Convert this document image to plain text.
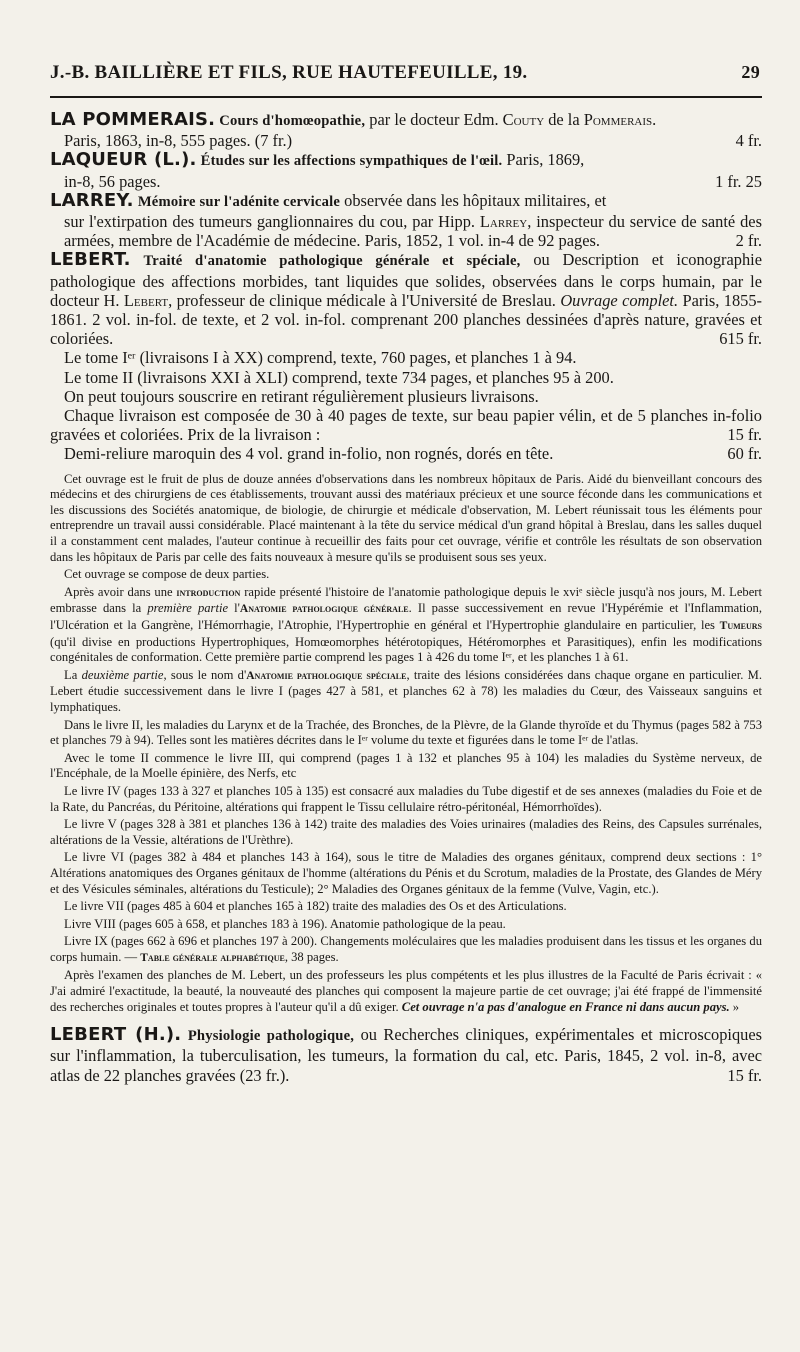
J.-B. BAILLIÈRE ET FILS, RUE HAUTEFEUILLE, 19.	29

LA POMMERAIS. Cours d'homœopathie, par le docteur Edm. Couty de la Pommerais.

Paris, 1863, in-8, 555 pages. (7 fr.)	4 fr.

LAQUEUR (L.). Études sur les affections sympathiques de l'œil. Paris, 1869,

in-8, 56 pages.	1 fr. 25

LARREY. Mémoire sur l'adénite cervicale observée dans les hôpitaux militaires, et

sur l'extirpation des tumeurs ganglionnaires du cou, par Hipp. Larrey, inspecteur du service de santé des armées, membre de l'Académie de médecine. Paris, 1852, 1 vol. in-4 de 92 pages.	2 fr.

LEBERT. Traité d'anatomie pathologique générale et spéciale, ou Description et iconographie pathologique des affections morbides, tant liquides que solides, observées dans le corps humain, par le docteur H. Lebert, professeur de clinique médicale à l'Université de Breslau. Ouvrage complet. Paris, 1855-1861. 2 vol. in-fol. de texte, et 2 vol. in-fol. comprenant 200 planches dessinées d'après nature, gravées et coloriées.	615 fr.

Le tome Iᵉʳ (livraisons I à XX) comprend, texte, 760 pages, et planches 1 à 94.

Le tome II (livraisons XXI à XLI) comprend, texte 734 pages, et planches 95 à 200.

On peut toujours souscrire en retirant régulièrement plusieurs livraisons.

Chaque livraison est composée de 30 à 40 pages de texte, sur beau papier vélin, et de 5 planches in-folio gravées et coloriées. Prix de la livraison :	15 fr.

Demi-reliure maroquin des 4 vol. grand in-folio, non rognés, dorés en tête.	60 fr.

Cet ouvrage est le fruit de plus de douze années d'observations dans les nombreux hôpitaux de Paris. Aidé du bienveillant concours des médecins et des chirurgiens de ces établissements, trouvant aussi des matériaux précieux et une source féconde dans les communications et les discussions des Sociétés anatomique, de biologie, de chirurgie et médicale d'observation, M. Lebert réunissait tous les éléments pour entreprendre un travail aussi considérable. Placé maintenant à la tête du service médical d'un grand hôpital à Breslau, dans les salles duquel il a constamment cent malades, l'auteur continue à recueillir des faits pour cet ouvrage, vérifie et contrôle les résultats de son observation dans les hôpitaux de Paris par celle des faits nouveaux à mesure qu'ils se produisent sous ses yeux.

Cet ouvrage se compose de deux parties.

Après avoir dans une introduction rapide présenté l'histoire de l'anatomie pathologique depuis le xviᵉ siècle jusqu'à nos jours, M. Lebert embrasse dans la première partie l'Anatomie pathologique générale. Il passe successivement en revue l'Hypérémie et l'Inflammation, l'Ulcération et la Gangrène, l'Hémorrhagie, l'Atrophie, l'Hypertrophie en général et l'Hypertrophie glandulaire en particulier, les Tumeurs (qu'il divise en productions Hypertrophiques, Homœomorphes hétérotopiques, Hétéromorphes et Parasitiques), enfin les modifications congénitales de conformation. Cette première partie comprend les pages 1 à 426 du tome Iᵉʳ, et les planches 1 à 61.

La deuxième partie, sous le nom d'Anatomie pathologique spéciale, traite des lésions considérées dans chaque organe en particulier. M. Lebert étudie successivement dans le livre I (pages 427 à 581, et planches 62 à 78) les maladies du Cœur, des Vaisseaux sanguins et lymphatiques.

Dans le livre II, les maladies du Larynx et de la Trachée, des Bronches, de la Plèvre, de la Glande thyroïde et du Thymus (pages 582 à 753 et planches 79 à 94). Telles sont les matières décrites dans le Iᵉʳ volume du texte et figurées dans le tome Iᵉʳ de l'atlas.

Avec le tome II commence le livre III, qui comprend (pages 1 à 132 et planches 95 à 104) les maladies du Système nerveux, de l'Encéphale, de la Moelle épinière, des Nerfs, etc

Le livre IV (pages 133 à 327 et planches 105 à 135) est consacré aux maladies du Tube digestif et de ses annexes (maladies du Foie et de la Rate, du Pancréas, du Péritoine, altérations qui frappent le Tissu cellulaire rétro-péritonéal, Hémorrhoïdes).

Le livre V (pages 328 à 381 et planches 136 à 142) traite des maladies des Voies urinaires (maladies des Reins, des Capsules surrénales, altérations de la Vessie, altérations de l'Urèthre).

Le livre VI (pages 382 à 484 et planches 143 à 164), sous le titre de Maladies des organes génitaux, comprend deux sections : 1° Altérations anatomiques des Organes génitaux de l'homme (altérations du Pénis et du Scrotum, maladies de la Prostate, des Glandes de Méry et des Vésicules séminales, altérations du Testicule); 2° Maladies des Organes génitaux de la femme (Vulve, Vagin, etc.).

Le livre VII (pages 485 à 604 et planches 165 à 182) traite des maladies des Os et des Articulations.

Livre VIII (pages 605 à 658, et planches 183 à 196). Anatomie pathologique de la peau.

Livre IX (pages 662 à 696 et planches 197 à 200). Changements moléculaires que les maladies produisent dans les tissus et les organes du corps humain. — Table générale alphabétique, 38 pages.

Après l'examen des planches de M. Lebert, un des professeurs les plus compétents et les plus illustres de la Faculté de Paris écrivait : « J'ai admiré l'exactitude, la beauté, la nouveauté des planches qui composent la majeure partie de cet ouvrage; j'ai été frappé de l'immensité des recherches originales et toutes propres à l'auteur qu'il a dû exiger. Cet ouvrage n'a pas d'analogue en France ni dans aucun pays. »

LEBERT (H.). Physiologie pathologique, ou Recherches cliniques, expérimentales et microscopiques sur l'inflammation, la tuberculisation, les tumeurs, la formation du cal, etc. Paris, 1845, 2 vol. in-8, avec atlas de 22 planches gravées (23 fr.).	15 fr.
